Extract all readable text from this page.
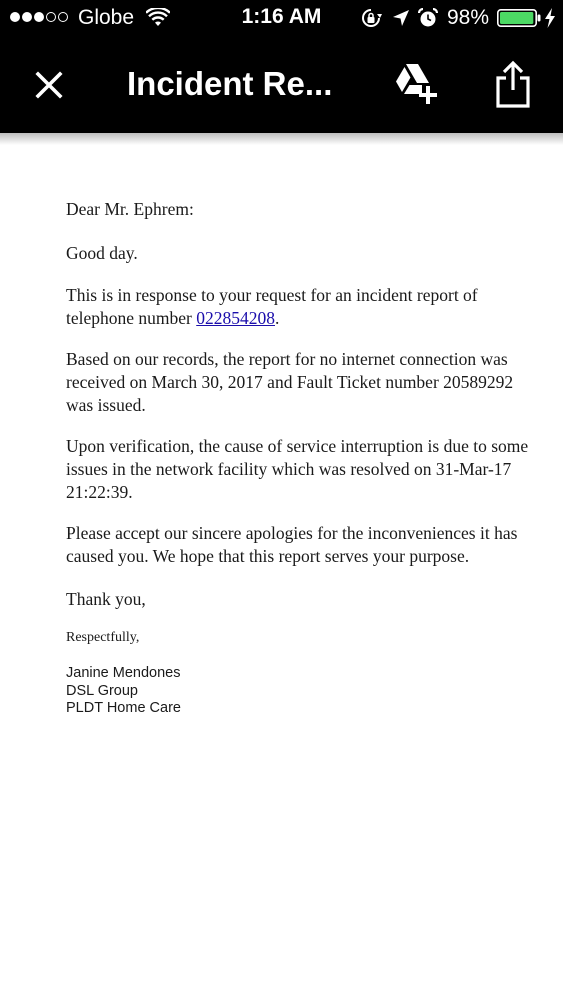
Globe	1:16 AM	98%
Incident Re...

Dear Mr. Ephrem:

Good day.

This is in response to your request for an incident report of telephone number 022854208.

Based on our records, the report for no internet connection was received on March 30, 2017 and Fault Ticket number 20589292 was issued.

Upon verification, the cause of service interruption is due to some issues in the network facility which was resolved on 31-Mar-17 21:22:39.

Please accept our sincere apologies for the inconveniences it has caused you. We hope that this report serves your purpose.

Thank you,

Respectfully,

Janine Mendones
DSL Group
PLDT Home Care
